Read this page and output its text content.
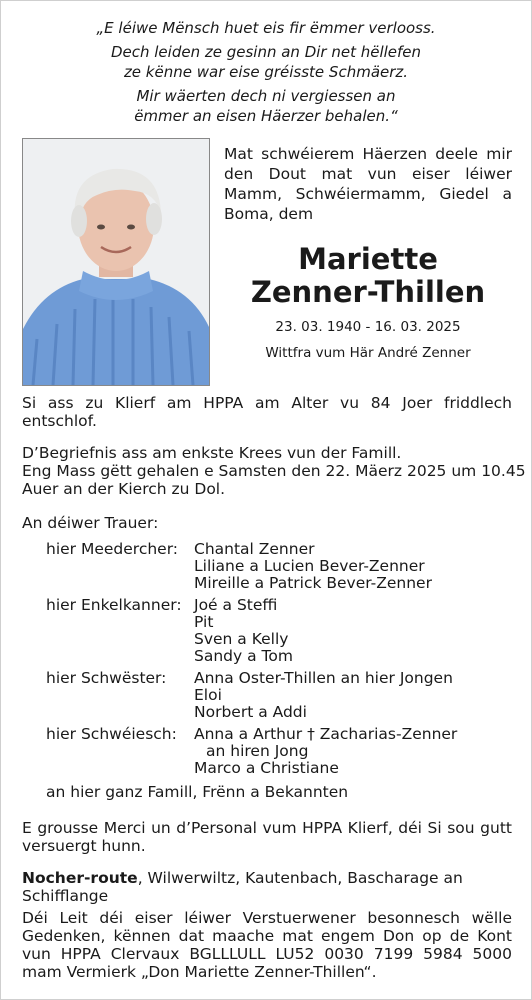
„E léiwe Mënsch huet eis fir ëmmer verlooss.
Dech leiden ze gesinn an Dir net hëllefen
ze kënne war eise gréisste Schmäerz.
Mir wäerten dech ni vergiessen an
ëmmer an eisen Häerzer behalen.“
Mat schwéierem Häerzen deele mir den Dout mat vun eiser léiwer Mamm, Schwéiermamm, Giedel a Boma, dem
Mariette
Zenner-Thillen
23. 03. 1940 - 16. 03. 2025
Wittfra vum Här André Zenner
Si ass zu Klierf am HPPA am Alter vu 84 Joer friddlech entschlof.
D’Begriefnis ass am enkste Krees vun der Famill.
Eng Mass gëtt gehalen e Samsten den 22. Mäerz 2025 um 10.45
Auer an der Kierch zu Dol.
An déiwer Trauer:
hier Meedercher: Chantal Zenner
Liliane a Lucien Bever-Zenner
Mireille a Patrick Bever-Zenner
hier Enkelkanner: Joé a Steffi
Pit
Sven a Kelly
Sandy a Tom
hier Schwëster: Anna Oster-Thillen an hier Jongen
Eloi
Norbert a Addi
hier Schwéiesch: Anna a Arthur † Zacharias-Zenner
an hiren Jong
Marco a Christiane
an hier ganz Famill, Frënn a Bekannten
E grousse Merci un d’Personal vum HPPA Klierf, déi Si sou gutt versuergt hunn.
Nocher-route, Wilwerwiltz, Kautenbach, Bascharage an Schifflange
Déi Leit déi eiser léiwer Verstuerwener besonnesch wëlle Gedenken, kënnen dat maache mat engem Don op de Kont vun HPPA Clervaux BGLLLULL LU52 0030 7199 5984 5000 mam Vermierk „Don Mariette Zenner-Thillen“.
